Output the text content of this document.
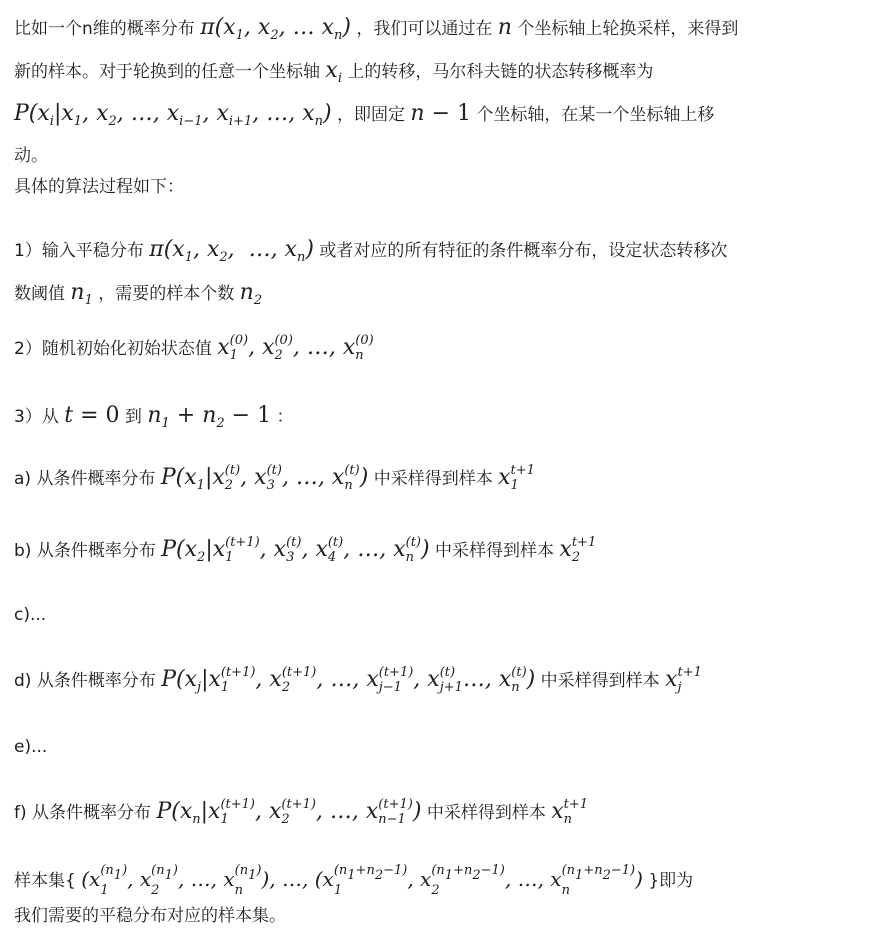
比如一个n维的概率分布 $\pi(x_1$, $x_2$, … $x_n$) ，我们可以通过在 n 个坐标轴上轮换采样，来得到
新的样本。对于轮换到的任意一个坐标轴 $x_i$ 上的转移，马尔科夫链的状态转移概率为
$P(x_i|x_1$, $x_2$, …, $x_{i-1}$, $x_{i+1}$, …, $x_n$) ，即固定 n − 1 个坐标轴，在某一个坐标轴上移
动。
具体的算法过程如下：
1）输入平稳分布 $\pi(x_1$, $x_2$,  …, $x_n$) 或者对应的所有特征的条件概率分布，设定状态转移次
数阈值 $n_1$ ，需要的样本个数 $n_2$
2）随机初始化初始状态值 x (0)
1 , x (0)
2 , …, x (0)
n
3）从 t = 0 到 $n_1 + n_2 - 1$ ：
a) 从条件概率分布 $P(x_1|x$ (t)
2 , x (t)
3 , …, x (t)
n ) 中采样得到样本 x t+1
1
b) 从条件概率分布 $P(x_2|x$ (t+1)
1	, x (t)
3 , x (t)
4 , …, x (t)
n ) 中采样得到样本 x t+1
2
c)...
d) 从条件概率分布 $P(x_j|x$ (t+1)
1	, x (t+1)
2	, …, x (t+1)
j−1 , x (t)
j+1 …, x (t)
n ) 中采样得到样本 x t+1
j
e)...
f) 从条件概率分布 $P(x_n|x$ (t+1)
1	, x (t+1)
2	, …, x (t+1)
n−1 ) 中采样得到样本 x t+1
n
样本集{ (x $(n_1)$
1 , x $(n_1)$
2 , …, x $(n_1)$
n ), …, (x $(n_1+n_2-1)$
1	, x $(n_1+n_2-1)$
2	, …, x $(n_1+n_2-1)$
n	) }即为
我们需要的平稳分布对应的样本集。
